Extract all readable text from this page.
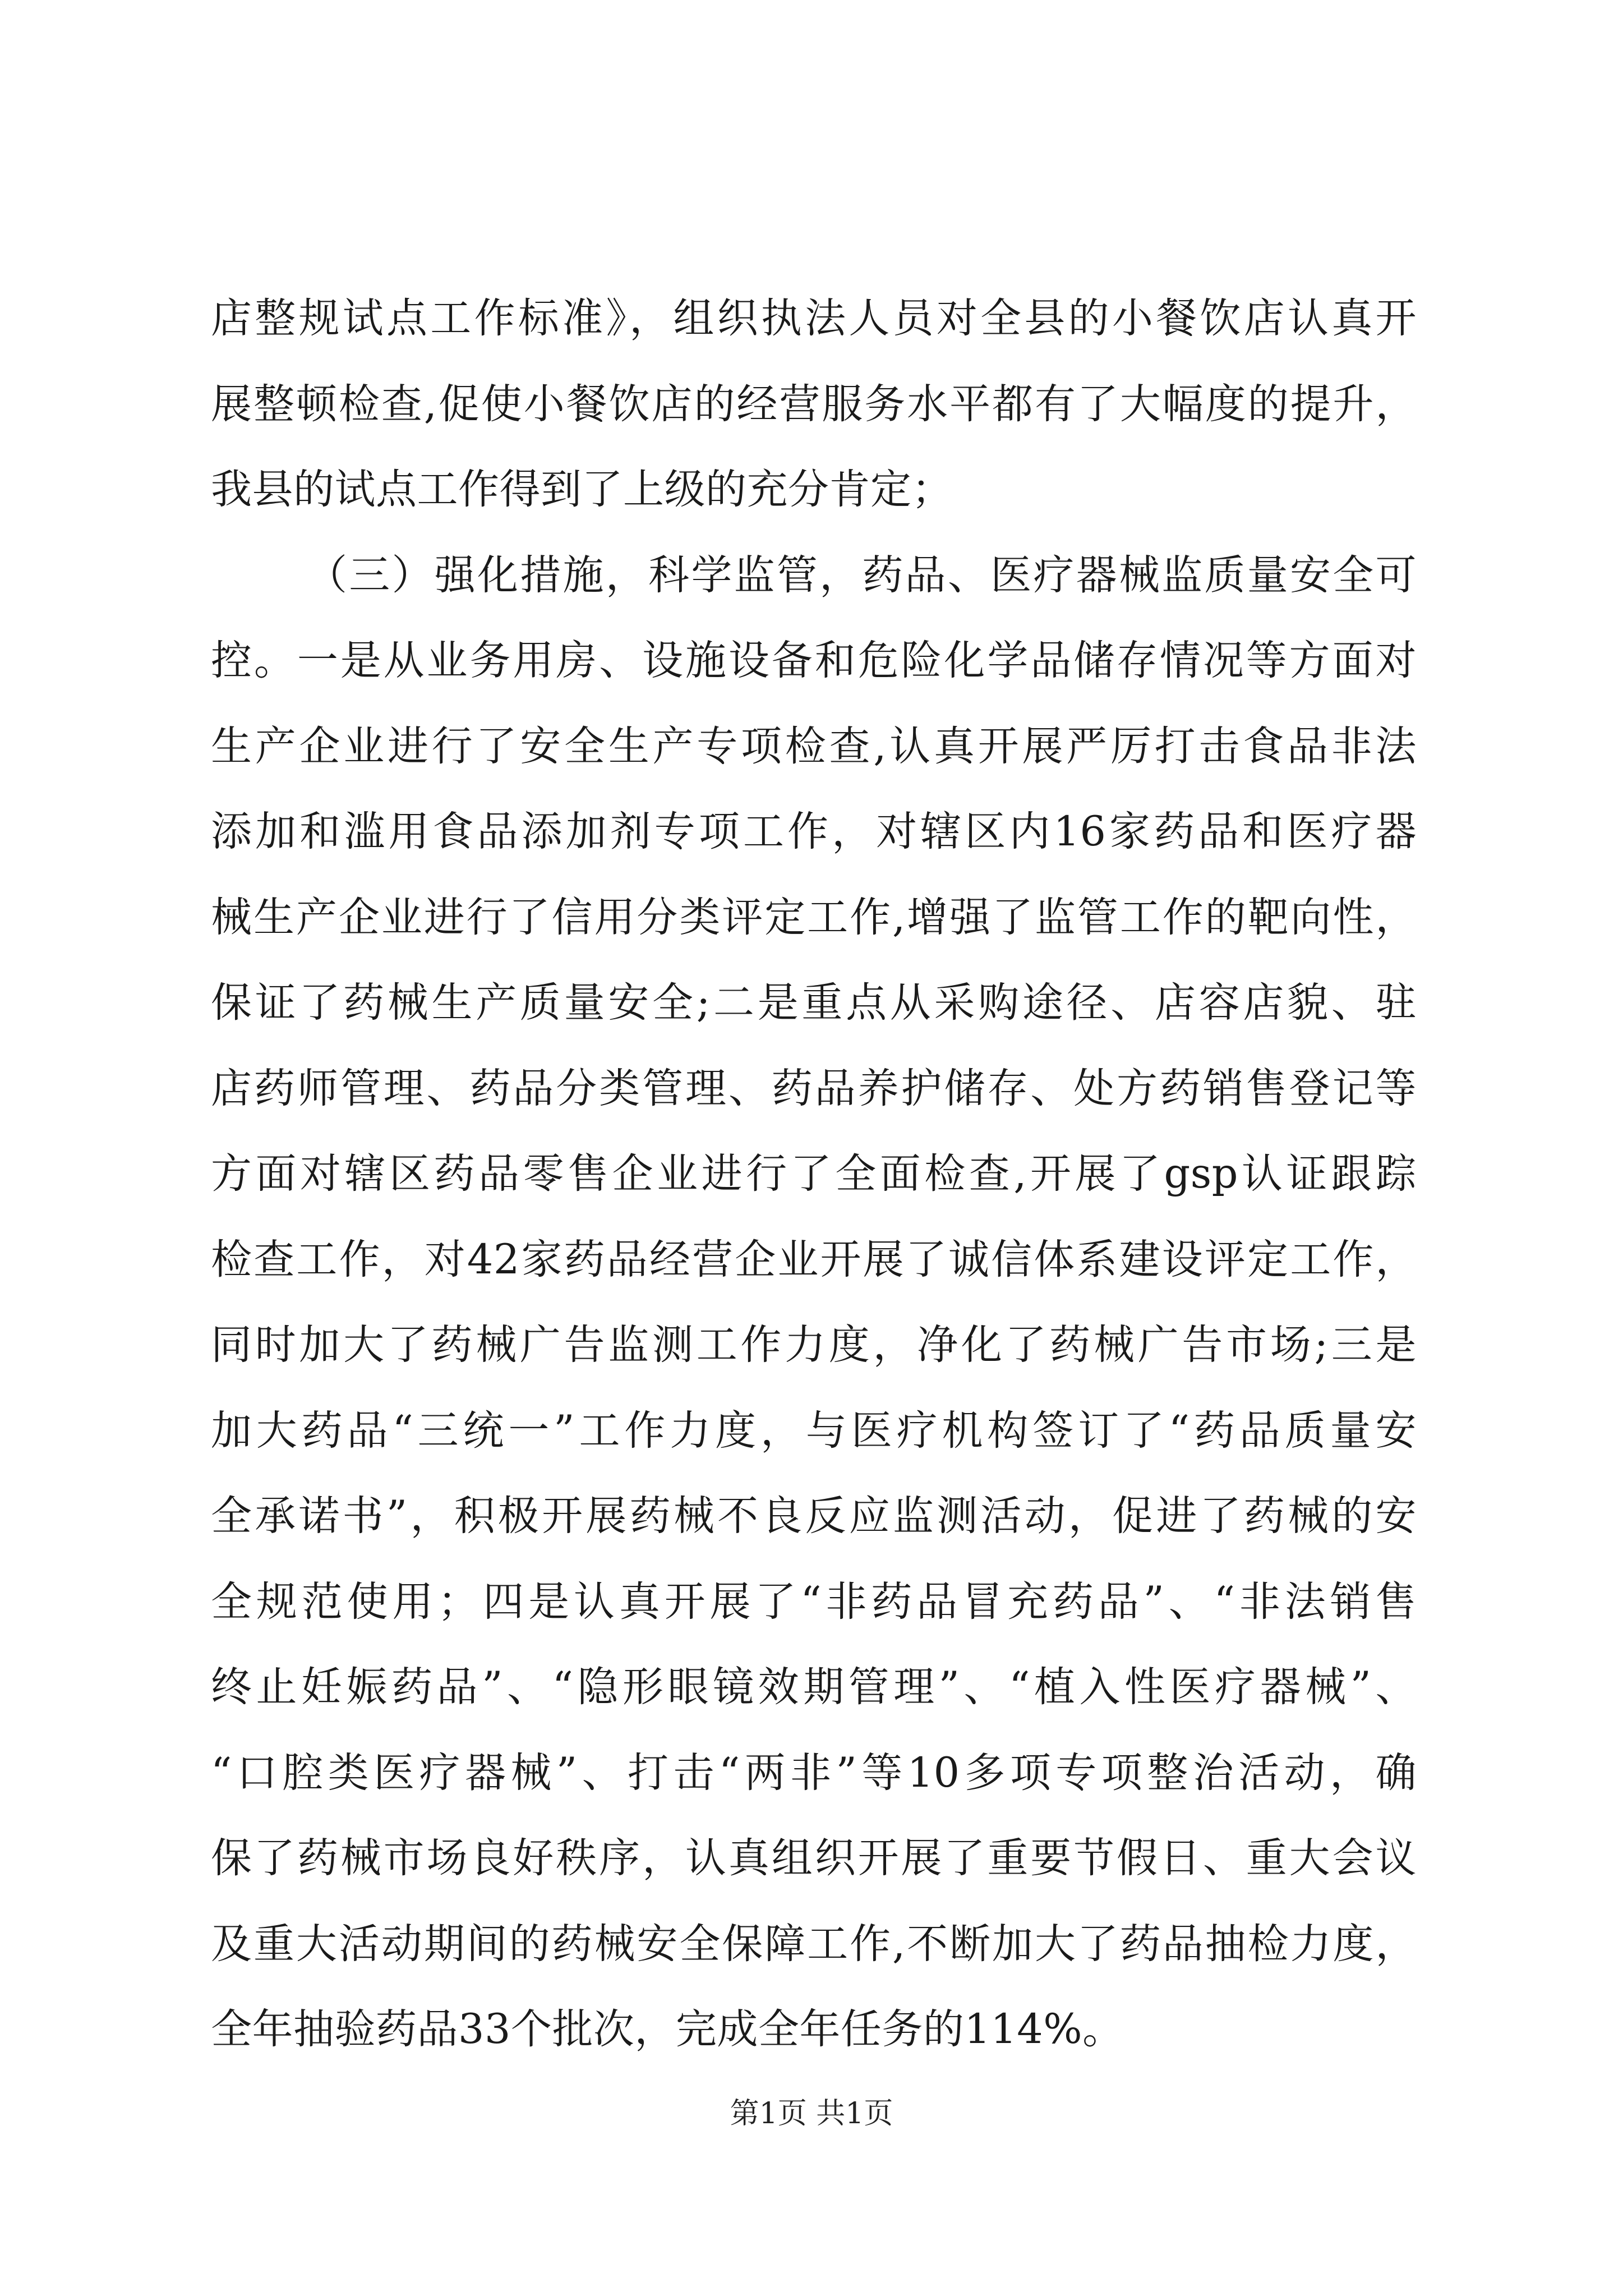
店整规试点工作标准》，组织执法人员对全县的小餐饮店认真开
展整顿检查,促使小餐饮店的经营服务水平都有了大幅度的提升，
我县的试点工作得到了上级的充分肯定；
（三）强化措施，科学监管，药品、医疗器械监质量安全可
控。一是从业务用房、设施设备和危险化学品储存情况等方面对
生产企业进行了安全生产专项检查,认真开展严厉打击食品非法
添加和滥用食品添加剂专项工作，对辖区内16家药品和医疗器
械生产企业进行了信用分类评定工作,增强了监管工作的靶向性，
保证了药械生产质量安全;二是重点从采购途径、店容店貌、驻
店药师管理、药品分类管理、药品养护储存、处方药销售登记等
方面对辖区药品零售企业进行了全面检查,开展了gsp认证跟踪
检查工作，对42家药品经营企业开展了诚信体系建设评定工作，
同时加大了药械广告监测工作力度，净化了药械广告市场;三是
加大药品“三统一”工作力度，与医疗机构签订了“药品质量安
全承诺书”，积极开展药械不良反应监测活动，促进了药械的安
全规范使用；四是认真开展了“非药品冒充药品”、“非法销售
终止妊娠药品”、“隐形眼镜效期管理”、“植入性医疗器械”、
“口腔类医疗器械”、打击“两非”等10多项专项整治活动，确
保了药械市场良好秩序，认真组织开展了重要节假日、重大会议
及重大活动期间的药械安全保障工作,不断加大了药品抽检力度，
全年抽验药品33个批次，完成全年任务的114%。
第1页 共1页
